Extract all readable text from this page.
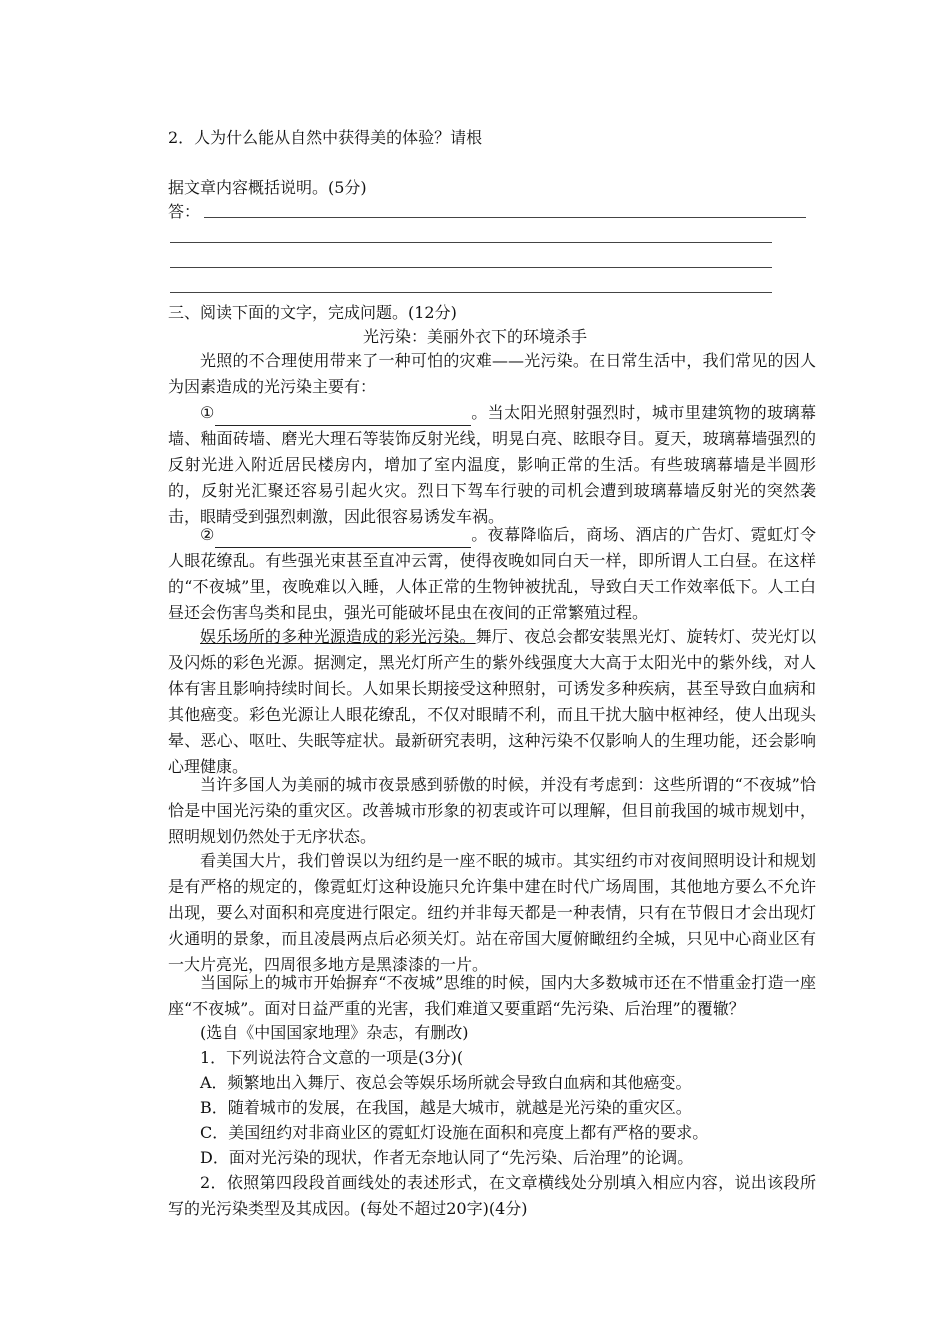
2．人为什么能从自然中获得美的体验？请根
据文章内容概括说明。(5分)
答：
三、阅读下面的文字，完成问题。(12分)
光污染：美丽外衣下的环境杀手
光照的不合理使用带来了一种可怕的灾难——光污染。在日常生活中，我们常见的因人为因素造成的光污染主要有：
①	。当太阳光照射强烈时，城市里建筑物的玻璃幕墙、釉面砖墙、磨光大理石等装饰反射光线，明晃白亮、眩眼夺目。夏天，玻璃幕墙强烈的反射光进入附近居民楼房内，增加了室内温度，影响正常的生活。有些玻璃幕墙是半圆形的，反射光汇聚还容易引起火灾。烈日下驾车行驶的司机会遭到玻璃幕墙反射光的突然袭击，眼睛受到强烈刺激，因此很容易诱发车祸。
②	。夜幕降临后，商场、酒店的广告灯、霓虹灯令人眼花缭乱。有些强光束甚至直冲云霄，使得夜晚如同白天一样，即所谓人工白昼。在这样的“不夜城”里，夜晚难以入睡，人体正常的生物钟被扰乱，导致白天工作效率低下。人工白昼还会伤害鸟类和昆虫，强光可能破坏昆虫在夜间的正常繁殖过程。
娱乐场所的多种光源造成的彩光污染。舞厅、夜总会都安装黑光灯、旋转灯、荧光灯以及闪烁的彩色光源。据测定，黑光灯所产生的紫外线强度大大高于太阳光中的紫外线，对人体有害且影响持续时间长。人如果长期接受这种照射，可诱发多种疾病，甚至导致白血病和其他癌变。彩色光源让人眼花缭乱，不仅对眼睛不利，而且干扰大脑中枢神经，使人出现头晕、恶心、呕吐、失眠等症状。最新研究表明，这种污染不仅影响人的生理功能，还会影响心理健康。
当许多国人为美丽的城市夜景感到骄傲的时候，并没有考虑到：这些所谓的“不夜城”恰恰是中国光污染的重灾区。改善城市形象的初衷或许可以理解，但目前我国的城市规划中，照明规划仍然处于无序状态。
看美国大片，我们曾误以为纽约是一座不眠的城市。其实纽约市对夜间照明设计和规划是有严格的规定的，像霓虹灯这种设施只允许集中建在时代广场周围，其他地方要么不允许出现，要么对面积和亮度进行限定。纽约并非每天都是一种表情，只有在节假日才会出现灯火通明的景象，而且凌晨两点后必须关灯。站在帝国大厦俯瞰纽约全城，只见中心商业区有一大片亮光，四周很多地方是黑漆漆的一片。
当国际上的城市开始摒弃“不夜城”思维的时候，国内大多数城市还在不惜重金打造一座座“不夜城”。面对日益严重的光害，我们难道又要重蹈“先污染、后治理”的覆辙？
(选自《中国国家地理》杂志，有删改)
1．下列说法符合文意的一项是(3分)(
A．频繁地出入舞厅、夜总会等娱乐场所就会导致白血病和其他癌变。
B．随着城市的发展，在我国，越是大城市，就越是光污染的重灾区。
C．美国纽约对非商业区的霓虹灯设施在面积和亮度上都有严格的要求。
D．面对光污染的现状，作者无奈地认同了“先污染、后治理”的论调。
2．依照第四段段首画线处的表述形式，在文章横线处分别填入相应内容，说出该段所写的光污染类型及其成因。(每处不超过20字)(4分)
